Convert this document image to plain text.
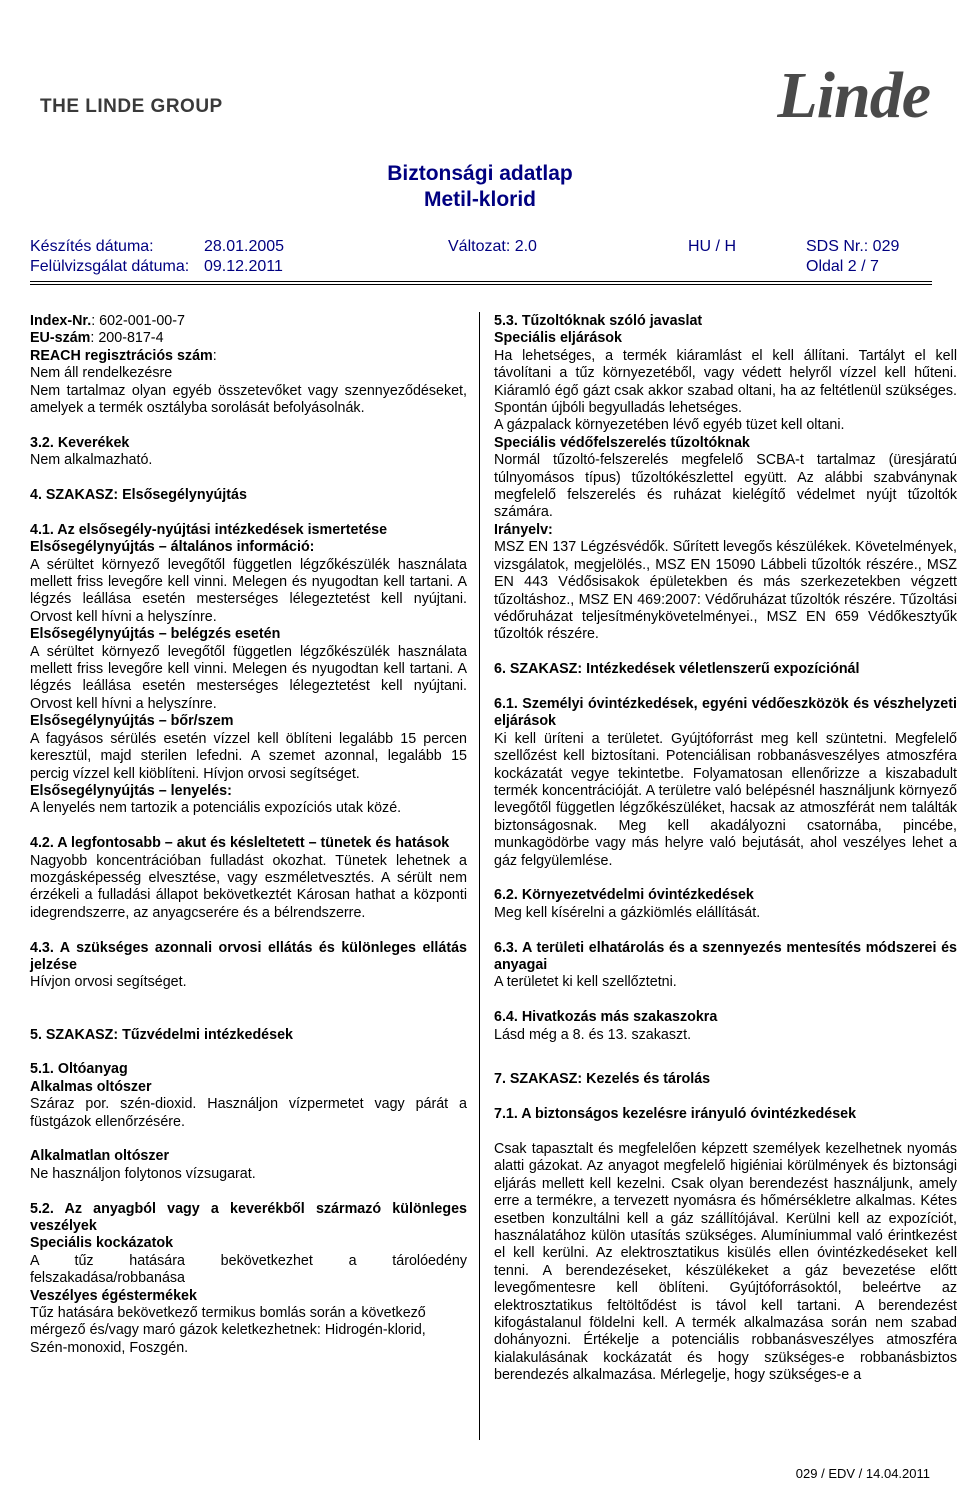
THE LINDE GROUP	Linde
Biztonsági adatlap
Metil-klorid
Készítés dátuma:	28.01.2005	Változat: 2.0	HU / H	SDS Nr.: 029
Felülvizsgálat dátuma: 09.12.2011	Oldal 2 / 7

Index-Nr.: 602-001-00-7

EU-szám: 200-817-4

REACH regisztrációs szám:

Nem áll rendelkezésre

Nem tartalmaz olyan egyéb összetevőket vagy szennyeződéseket, amelyek a termék osztályba sorolását befolyásolnák.

3.2. Keverékek

Nem alkalmazható.

4. SZAKASZ: Elsősegélynyújtás

4.1. Az elsősegély-nyújtási intézkedések ismertetése

Elsősegélynyújtás – általános információ:

A sérültet környező levegőtől független légzőkészülék használata mellett friss levegőre kell vinni. Melegen és nyugodtan kell tartani. A légzés leállása esetén mesterséges lélegeztetést kell nyújtani. Orvost kell hívni a helyszínre.

Elsősegélynyújtás – belégzés esetén

A sérültet környező levegőtől független légzőkészülék használata mellett friss levegőre kell vinni. Melegen és nyugodtan kell tartani. A légzés leállása esetén mesterséges lélegeztetést kell nyújtani. Orvost kell hívni a helyszínre.

Elsősegélynyújtás – bőr/szem

A fagyásos sérülés esetén vízzel kell öblíteni legalább 15 percen keresztül, majd sterilen lefedni. A szemet azonnal, legalább 15 percig vízzel kell kiöblíteni. Hívjon orvosi segítséget.

Elsősegélynyújtás – lenyelés:

A lenyelés nem tartozik a potenciális expozíciós utak közé.

4.2. A legfontosabb – akut és késleltetett – tünetek és hatások

Nagyobb koncentrációban fulladást okozhat. Tünetek lehetnek a mozgásképesség elvesztése, vagy eszméletvesztés. A sérült nem érzékeli a fulladási állapot bekövetkeztét Károsan hathat a központi idegrendszerre, az anyagcserére és a bélrendszerre.

4.3. A szükséges azonnali orvosi ellátás és különleges ellátás jelzése

Hívjon orvosi segítséget.

5. SZAKASZ: Tűzvédelmi intézkedések

5.1. Oltóanyag

Alkalmas oltószer

Száraz por. szén-dioxid. Használjon vízpermetet vagy párát a füstgázok ellenőrzésére.

Alkalmatlan oltószer

Ne használjon folytonos vízsugarat.

5.2. Az anyagból vagy a keverékből származó különleges veszélyek

Speciális kockázatok

A tűz hatására bekövetkezhet a tárolóedény felszakadása/robbanása

Veszélyes égéstermékek

Tűz hatására bekövetkező termikus bomlás során a következő mérgező és/vagy maró gázok keletkezhetnek: Hidrogén-klorid, Szén-monoxid, Foszgén.

5.3. Tűzoltóknak szóló javaslat

Speciális eljárások

Ha lehetséges, a termék kiáramlást el kell állítani. Tartályt el kell távolítani a tűz környezetéből, vagy védett helyről vízzel kell hűteni. Kiáramló égő gázt csak akkor szabad oltani, ha az feltétlenül szükséges. Spontán újbóli begyulladás lehetséges.

A gázpalack környezetében lévő egyéb tüzet kell oltani.

Speciális védőfelszerelés tűzoltóknak

Normál tűzoltó-felszerelés megfelelő SCBA-t tartalmaz (üresjáratú túlnyomásos típus) tűzoltókészlettel együtt. Az alábbi szabványnak megfelelő felszerelés és ruházat kielégítő védelmet nyújt tűzoltók számára.

Irányelv:

MSZ EN 137 Légzésvédők. Sűrített levegős készülékek. Követelmények, vizsgálatok, megjelölés., MSZ EN 15090 Lábbeli tűzoltók részére., MSZ EN 443 Védősisakok épületekben és más szerkezetekben végzett tűzoltáshoz., MSZ EN 469:2007: Védőruházat tűzoltók részére. Tűzoltási védőruházat teljesítménykövetelményei., MSZ EN 659 Védőkesztyűk tűzoltók részére.

6. SZAKASZ: Intézkedések véletlenszerű expozíciónál

6.1. Személyi óvintézkedések, egyéni védőeszközök és vészhelyzeti eljárások

Ki kell üríteni a területet. Gyújtóforrást meg kell szüntetni. Megfelelő szellőzést kell biztosítani. Potenciálisan robbanásveszélyes atmoszféra kockázatát vegye tekintetbe. Folyamatosan ellenőrizze a kiszabadult termék koncentrációját. A területre való belépésnél használjunk környező levegőtől független légzőkészüléket, hacsak az atmoszférát nem találták biztonságosnak. Meg kell akadályozni csatornába, pincébe, munkagödörbe vagy más helyre való bejutását, ahol veszélyes lehet a gáz felgyülemlése.

6.2. Környezetvédelmi óvintézkedések

Meg kell kísérelni a gázkiömlés elállítását.

6.3. A területi elhatárolás és a szennyezés mentesítés módszerei és anyagai

A területet ki kell szellőztetni.

6.4. Hivatkozás más szakaszokra

Lásd még a 8. és 13. szakaszt.

7. SZAKASZ: Kezelés és tárolás

7.1. A biztonságos kezelésre irányuló óvintézkedések

Csak tapasztalt és megfelelően képzett személyek kezelhetnek nyomás alatti gázokat. Az anyagot megfelelő higiéniai körülmények és biztonsági eljárás mellett kell kezelni. Csak olyan berendezést használjunk, amely erre a termékre, a tervezett nyomásra és hőmérsékletre alkalmas. Kétes esetben konzultálni kell a gáz szállítójával. Kerülni kell az expozíciót, használatához külön utasítás szükséges. Alumíniummal való érintkezést el kell kerülni. Az elektrosztatikus kisülés ellen óvintézkedéseket kell tenni. A berendezéseket, készülékeket a gáz bevezetése előtt levegőmentesre kell öblíteni. Gyújtóforrásoktól, beleértve az elektrosztatikus feltöltődést is távol kell tartani. A berendezést kifogástalanul földelni kell. A termék alkalmazása során nem szabad dohányozni. Értékelje a potenciális robbanásveszélyes atmoszféra kialakulásának kockázatát és hogy szükséges-e robbanásbiztos berendezés alkalmazása. Mérlegelje, hogy szükséges-e a

029 / EDV / 14.04.2011
